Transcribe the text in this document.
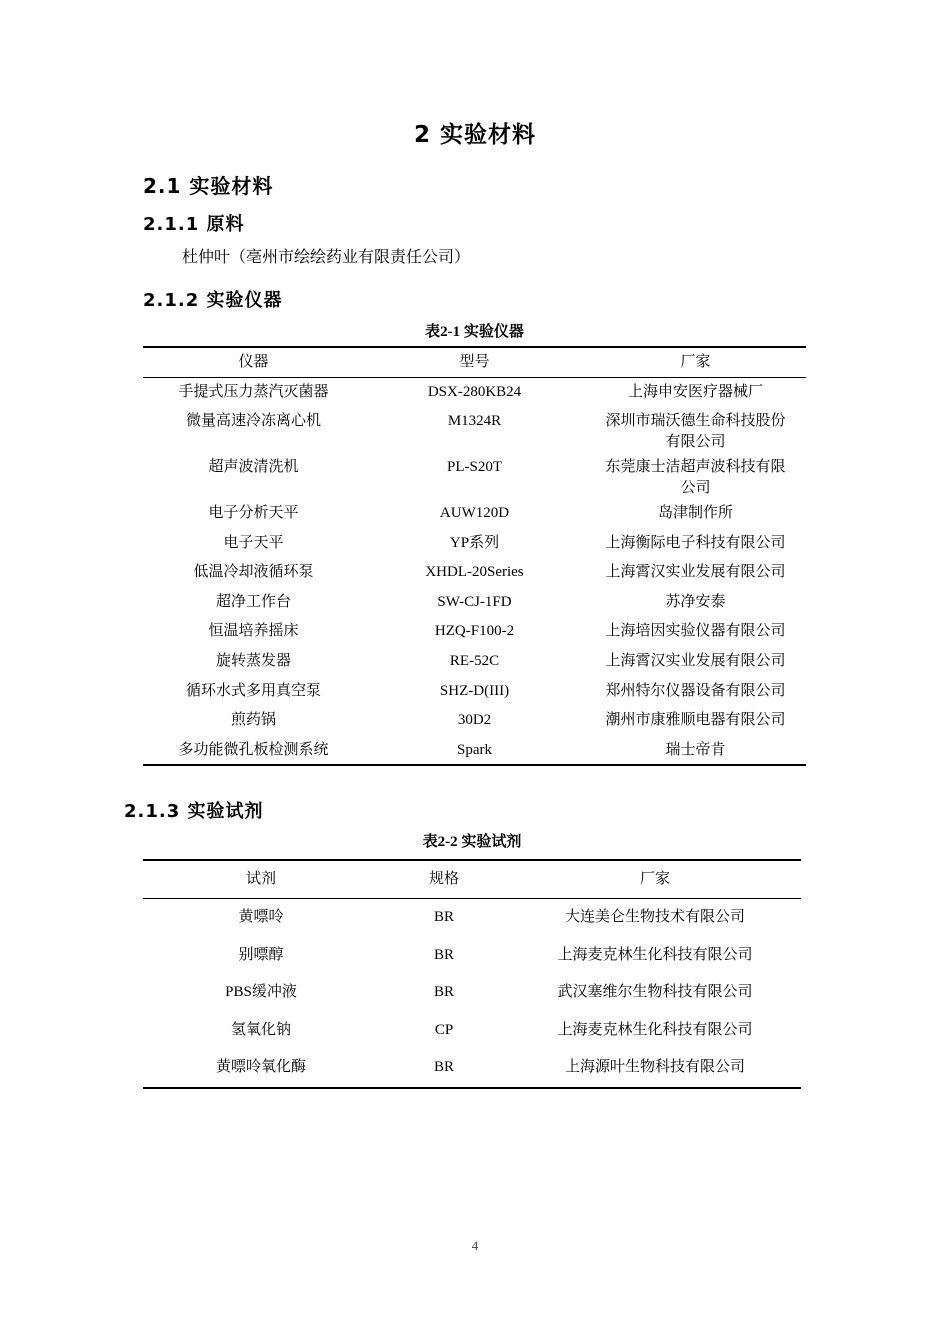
2 实验材料
2.1 实验材料
2.1.1 原料
杜仲叶（亳州市绘绘药业有限责任公司）
2.1.2 实验仪器
表2-1 实验仪器
仪器	型号	厂家
手提式压力蒸汽灭菌器	DSX-280KB24	上海申安医疗器械厂
微量高速冷冻离心机	M1324R	深圳市瑞沃德生命科技股份
有限公司
超声波清洗机	PL-S20T	东莞康士洁超声波科技有限
公司
电子分析天平	AUW120D	岛津制作所
电子天平	YP系列	上海衡际电子科技有限公司
低温冷却液循环泵	XHDL-20Series	上海霄汉实业发展有限公司
超净工作台	SW-CJ-1FD	苏净安泰
恒温培养摇床	HZQ-F100-2	上海培因实验仪器有限公司
旋转蒸发器	RE-52C	上海霄汉实业发展有限公司
循环水式多用真空泵	SHZ-D(III)	郑州特尔仪器设备有限公司
煎药锅	30D2	潮州市康雅顺电器有限公司
多功能微孔板检测系统	Spark	瑞士帝肯
2.1.3 实验试剂
表2-2 实验试剂
试剂	规格	厂家
黄嘌呤	BR	大连美仑生物技术有限公司
别嘌醇	BR	上海麦克林生化科技有限公司
PBS缓冲液	BR	武汉塞维尔生物科技有限公司
氢氧化钠	CP	上海麦克林生化科技有限公司
黄嘌呤氧化酶	BR	上海源叶生物科技有限公司
4
